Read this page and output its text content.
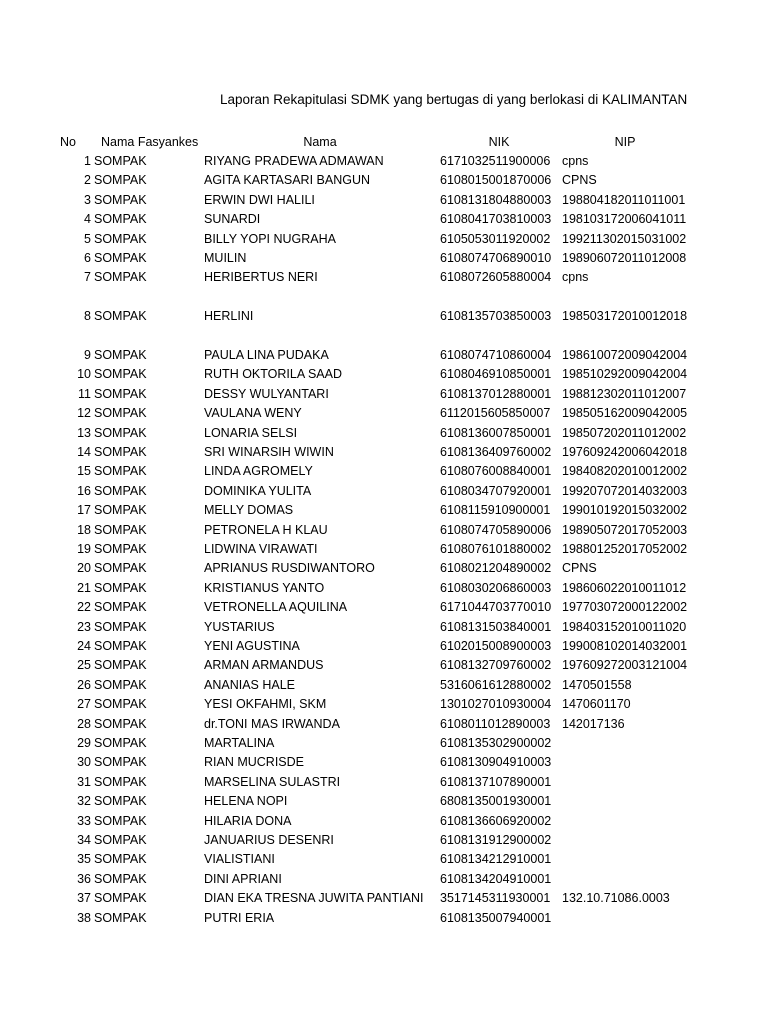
Laporan Rekapitulasi SDMK yang bertugas di yang berlokasi di KALIMANTAN
No	Nama Fasyankes	Nama	NIK	NIP
1 SOMPAK	RIYANG PRADEWA ADMAWAN	6171032511900006 cpns
2 SOMPAK	AGITA KARTASARI BANGUN	6108015001870006 CPNS
3 SOMPAK	ERWIN DWI HALILI	6108131804880003 198804182011011001
4 SOMPAK	SUNARDI	6108041703810003 198103172006041011
5 SOMPAK	BILLY YOPI NUGRAHA	6105053011920002 199211302015031002
6 SOMPAK	MUILIN	6108074706890010 198906072011012008
7 SOMPAK	HERIBERTUS NERI	6108072605880004 cpns
8 SOMPAK	HERLINI	6108135703850003 198503172010012018
9 SOMPAK	PAULA LINA PUDAKA	6108074710860004 198610072009042004
10 SOMPAK	RUTH OKTORILA SAAD	6108046910850001 198510292009042004
11 SOMPAK	DESSY WULYANTARI	6108137012880001 198812302011012007
12 SOMPAK	VAULANA WENY	6112015605850007 198505162009042005
13 SOMPAK	LONARIA SELSI	6108136007850001 198507202011012002
14 SOMPAK	SRI WINARSIH WIWIN	6108136409760002 197609242006042018
15 SOMPAK	LINDA AGROMELY	6108076008840001 198408202010012002
16 SOMPAK	DOMINIKA YULITA	6108034707920001 199207072014032003
17 SOMPAK	MELLY DOMAS	6108115910900001 199010192015032002
18 SOMPAK	PETRONELA H KLAU	6108074705890006 198905072017052003
19 SOMPAK	LIDWINA VIRAWATI	6108076101880002 198801252017052002
20 SOMPAK	APRIANUS RUSDIWANTORO	6108021204890002 CPNS
21 SOMPAK	KRISTIANUS YANTO	6108030206860003 198606022010011012
22 SOMPAK	VETRONELLA AQUILINA	6171044703770010 197703072000122002
23 SOMPAK	YUSTARIUS	6108131503840001 198403152010011020
24 SOMPAK	YENI AGUSTINA	6102015008900003 199008102014032001
25 SOMPAK	ARMAN ARMANDUS	6108132709760002 197609272003121004
26 SOMPAK	ANANIAS HALE	5316061612880002 1470501558
27 SOMPAK	YESI OKFAHMI, SKM	1301027010930004 1470601170
28 SOMPAK	dr.TONI MAS IRWANDA	6108011012890003 142017136
29 SOMPAK	MARTALINA	6108135302900002
30 SOMPAK	RIAN MUCRISDE	6108130904910003
31 SOMPAK	MARSELINA SULASTRI	6108137107890001
32 SOMPAK	HELENA NOPI	6808135001930001
33 SOMPAK	HILARIA DONA	6108136606920002
34 SOMPAK	JANUARIUS DESENRI	6108131912900002
35 SOMPAK	VIALISTIANI	6108134212910001
36 SOMPAK	DINI APRIANI	6108134204910001
37 SOMPAK	DIAN EKA TRESNA JUWITA PANTIANI	3517145311930001 132.10.71086.0003
38 SOMPAK	PUTRI ERIA	6108135007940001
